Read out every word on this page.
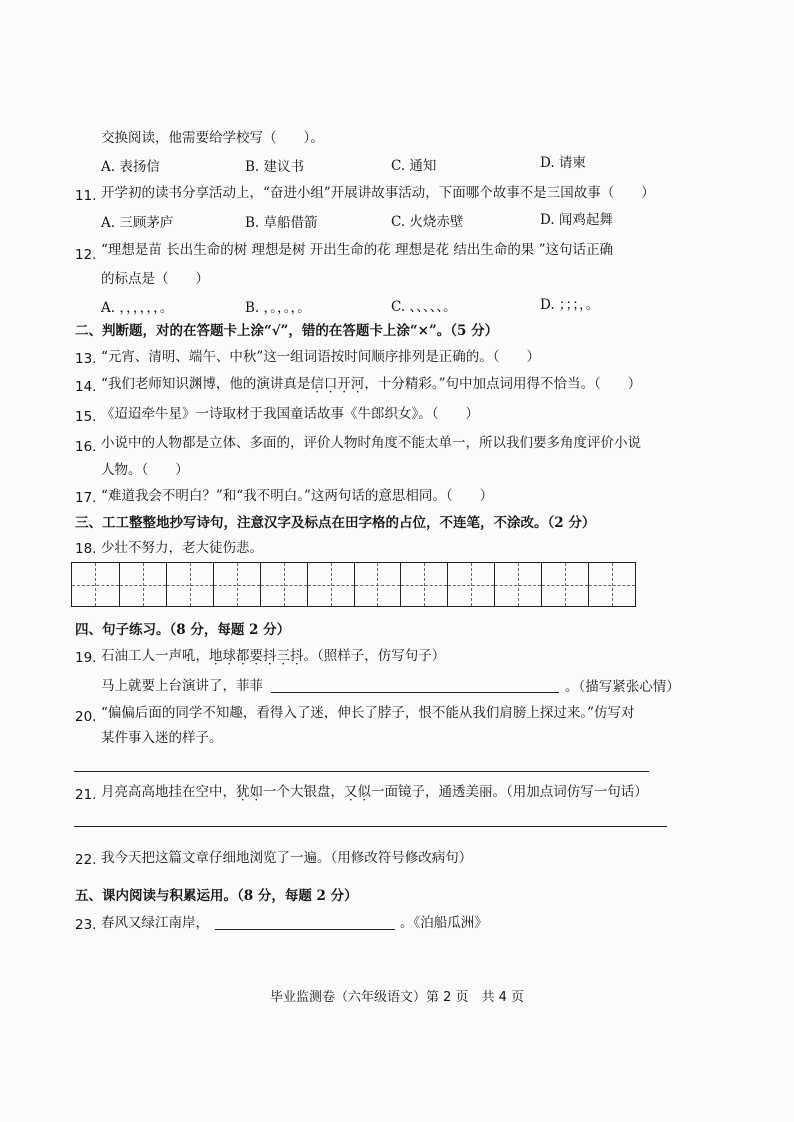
交换阅读，他需要给学校写（　　）。
A. 表扬信	B. 建议书	C. 通知	D. 请柬
11. 开学初的读书分享活动上，“奋进小组”开展讲故事活动，下面哪个故事不是三国故事（　　）
A. 三顾茅庐	B. 草船借箭	C. 火烧赤壁	D. 闻鸡起舞
12. “理想是苗 长出生命的树 理想是树 开出生命的花 理想是花 结出生命的果 ”这句话正确
的标点是（　　）
A. ，，，，，，。	B. ，。，。，。	C. 、、、、、。	D. ；；；，。
二、判断题，对的在答题卡上涂“√”，错的在答题卡上涂“×”。（5 分）
13. “元宵、清明、端午、中秋”这一组词语按时间顺序排列是正确的。（　　）
14. “我们老师知识渊博，他的演讲真是信口开河，十分精彩。”句中加点词用得不恰当。（　　）
15. 《迢迢牵牛星》一诗取材于我国童话故事《牛郎织女》。（　　）
16. 小说中的人物都是立体、多面的，评价人物时角度不能太单一，所以我们要多角度评价小说
人物。（　　）
17. “难道我会不明白？”和“我不明白。”这两句话的意思相同。（　　）
三、工工整整地抄写诗句，注意汉字及标点在田字格的占位，不连笔，不涂改。（2 分）
18. 少壮不努力，老大徒伤悲。
四、句子练习。（8 分，每题 2 分）
19. 石油工人一声吼，地球都要抖三抖。（照样子，仿写句子）
马上就要上台演讲了，菲菲	。（描写紧张心情）
20. “偏偏后面的同学不知趣，看得入了迷，伸长了脖子，恨不能从我们肩膀上探过来。”仿写对
某件事入迷的样子。
21. 月亮高高地挂在空中，犹如一个大银盘，又似一面镜子，通透美丽。（用加点词仿写一句话）
22. 我今天把这篇文章仔细地浏览了一遍。（用修改符号修改病句）
五、课内阅读与积累运用。（8 分，每题 2 分）
23. 春风又绿江南岸，	。《泊船瓜洲》
毕业监测卷（六年级语文）第 2 页　共 4 页
